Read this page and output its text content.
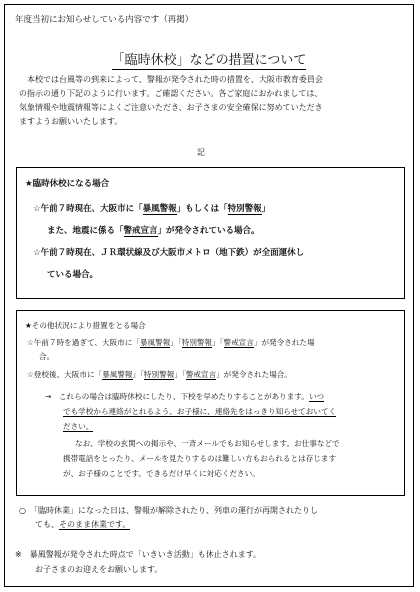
年度当初にお知らせしている内容です（再掲）
「臨時休校」などの措置について

本校では台風等の到来によって、警報が発令された時の措置を、大阪市教育委員会

の指示の通り下記のように行います。ご確認ください。各ご家庭におかれましては、

気象情報や地震情報等によくご注意いただき、お子さまの安全確保に努めていただき

ますようお願いいたします。

記
★臨時休校になる場合
☆午前７時現在、大阪市に「暴風警報」もしくは「特別警報」
また、地震に係る「警戒宣言」が発令されている場合。
☆午前７時現在、ＪＲ環状線及び大阪市メトロ（地下鉄）が全面運休し
ている場合。
★その他状況により措置をとる場合
☆午前７時を過ぎて、大阪市に「暴風警報」「特別警報」「警戒宣言」が発令された場
合。
☆登校後、大阪市に「暴風警報」「特別警報」「警戒宣言」が発令された場合。
→　これらの場合は臨時休校にしたり、下校を早めたりすることがあります。いつ
でも学校から連絡がとれるよう、お子様に、連絡先をはっきり知らせておいてく
ださい。
なお、学校の玄関への掲示や、一斉メールでもお知らせします。お仕事などで
携帯電話をとったり、メールを見たりするのは難しい方もおられるとは存じます
が、お子様のことです。できるだけ早くに対応ください。
○　「臨時休業」になった日は、警報が解除されたり、列車の運行が再開されたりし
ても、そのまま休業です。
※　暴風警報が発令された時点で「いきいき活動」も休止されます。
お子さまのお迎えをお願いします。
